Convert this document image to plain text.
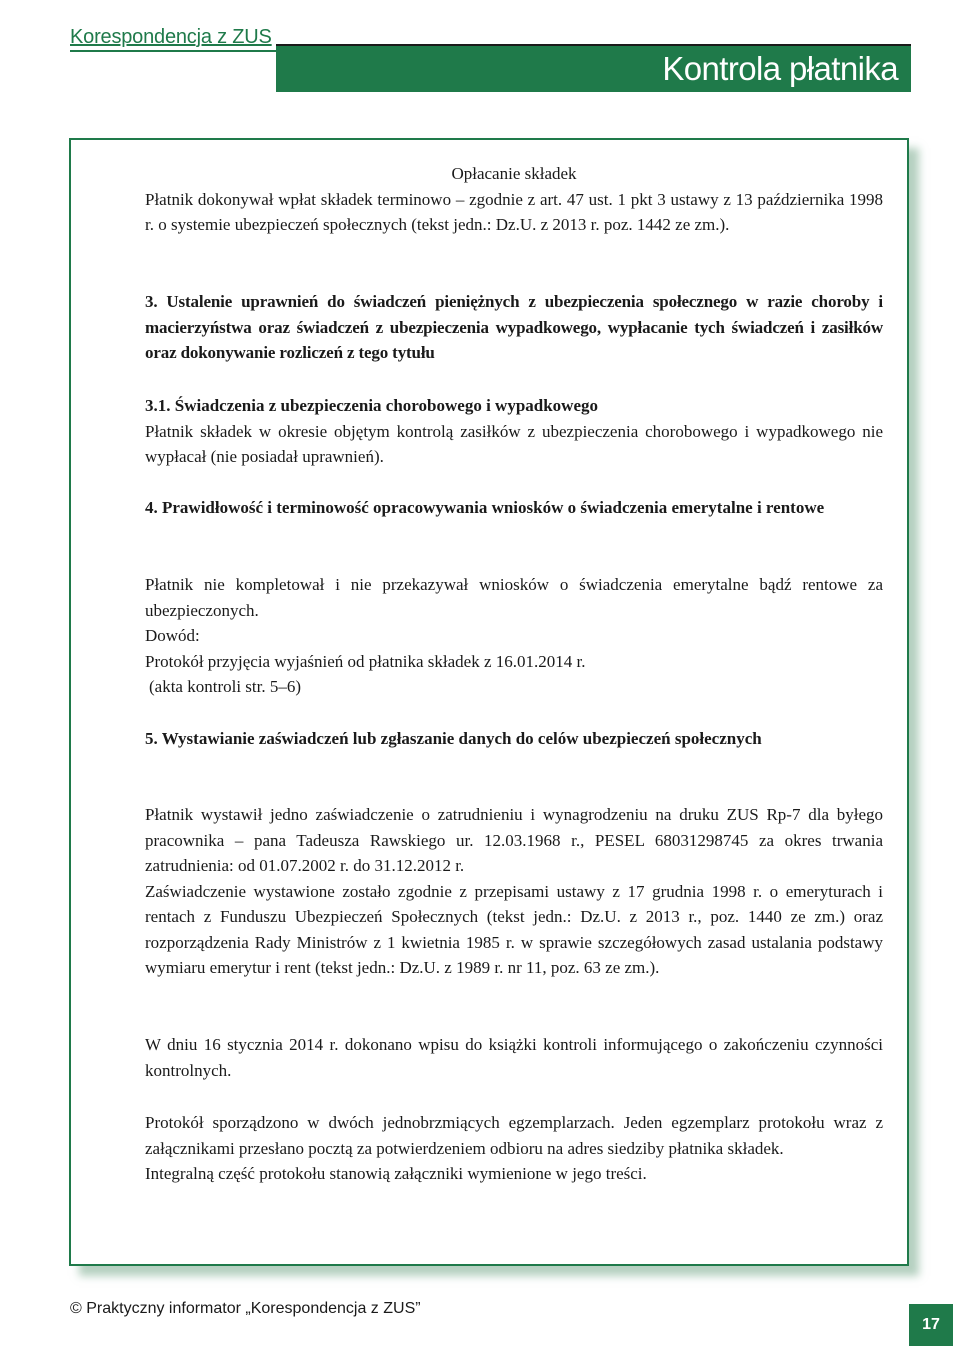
Korespondencja z ZUS
Kontrola płatnika

Opłacanie składek

Płatnik dokonywał wpłat składek terminowo – zgodnie z art. 47 ust. 1 pkt 3 ustawy z 13 października 1998 r. o systemie ubezpieczeń społecznych (tekst jedn.: Dz.U. z 2013 r. poz. 1442 ze zm.).

3. Ustalenie uprawnień do świadczeń pieniężnych z ubezpieczenia społecznego w razie choroby i macierzyństwa oraz świadczeń z ubezpieczenia wypadkowego, wypłacanie tych świadczeń i zasiłków oraz dokonywanie rozliczeń z tego tytułu

3.1. Świadczenia z ubezpieczenia chorobowego i wypadkowego

Płatnik składek w okresie objętym kontrolą zasiłków z ubezpieczenia chorobowego i wypadkowego nie wypłacał (nie posiadał uprawnień).

4. Prawidłowość i terminowość opracowywania wniosków o świadczenia emerytalne i rentowe

Płatnik nie kompletował i nie przekazywał wniosków o świadczenia emerytalne bądź rentowe za ubezpieczonych.

Dowód:

Protokół przyjęcia wyjaśnień od płatnika składek z 16.01.2014 r.

(akta kontroli str. 5–6)

5. Wystawianie zaświadczeń lub zgłaszanie danych do celów ubezpieczeń społecznych

Płatnik wystawił jedno zaświadczenie o zatrudnieniu i wynagrodzeniu na druku ZUS Rp-7 dla byłego pracownika – pana Tadeusza Rawskiego ur. 12.03.1968 r., PESEL 68031298745 za okres trwania zatrudnienia: od 01.07.2002 r. do 31.12.2012 r.

Zaświadczenie wystawione zostało zgodnie z przepisami ustawy z 17 grudnia 1998 r. o emeryturach i rentach z Funduszu Ubezpieczeń Społecznych (tekst jedn.: Dz.U. z 2013 r., poz. 1440 ze zm.) oraz rozporządzenia Rady Ministrów z 1 kwietnia 1985 r. w sprawie szczegółowych zasad ustalania podstawy wymiaru emerytur i rent (tekst jedn.: Dz.U. z 1989 r. nr 11, poz. 63 ze zm.).

W dniu 16 stycznia 2014 r. dokonano wpisu do książki kontroli informującego o zakończeniu czynności kontrolnych.

Protokół sporządzono w dwóch jednobrzmiących egzemplarzach. Jeden egzemplarz protokołu wraz z załącznikami przesłano pocztą za potwierdzeniem odbioru na adres siedziby płatnika składek.

Integralną część protokołu stanowią załączniki wymienione w jego treści.

© Praktyczny informator „Korespondencja z ZUS”
17
